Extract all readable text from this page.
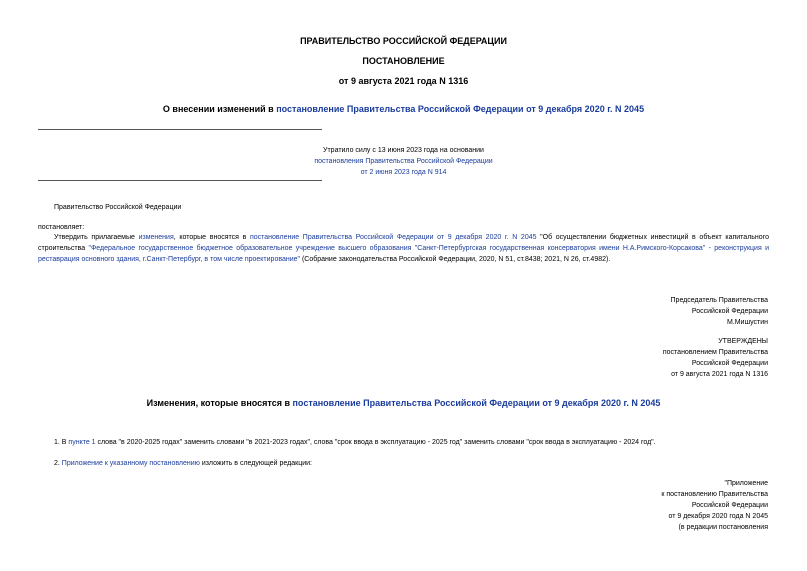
ПРАВИТЕЛЬСТВО РОССИЙСКОЙ ФЕДЕРАЦИИ
ПОСТАНОВЛЕНИЕ
от 9 августа 2021 года N 1316
О внесении изменений в постановление Правительства Российской Федерации от 9 декабря 2020 г. N 2045
Утратило силу с 13 июня 2023 года на основании
постановления Правительства Российской Федерации
от 2 июня 2023 года N 914
Правительство Российской Федерации
постановляет:
Утвердить прилагаемые изменения, которые вносятся в постановление Правительства Российской Федерации от 9 декабря 2020 г. N 2045 "Об осуществлении бюджетных инвестиций в объект капитального строительства "Федеральное государственное бюджетное образовательное учреждение высшего образования "Санкт-Петербургская государственная консерватория имени Н.А.Римского-Корсакова" - реконструкция и реставрация основного здания, г.Санкт-Петербург, в том числе проектирование" (Собрание законодательства Российской Федерации, 2020, N 51, ст.8438; 2021, N 26, ст.4982).
Председатель Правительства
Российской Федерации
М.Мишустин
УТВЕРЖДЕНЫ
постановлением Правительства
Российской Федерации
от 9 августа 2021 года N 1316
Изменения, которые вносятся в постановление Правительства Российской Федерации от 9 декабря 2020 г. N 2045
1. В пункте 1 слова "в 2020-2025 годах" заменить словами "в 2021-2023 годах", слова "срок ввода в эксплуатацию - 2025 год" заменить словами "срок ввода в эксплуатацию - 2024 год".
2. Приложение к указанному постановлению изложить в следующей редакции:
"Приложение
к постановлению Правительства
Российской Федерации
от 9 декабря 2020 года N 2045
(в редакции постановления
